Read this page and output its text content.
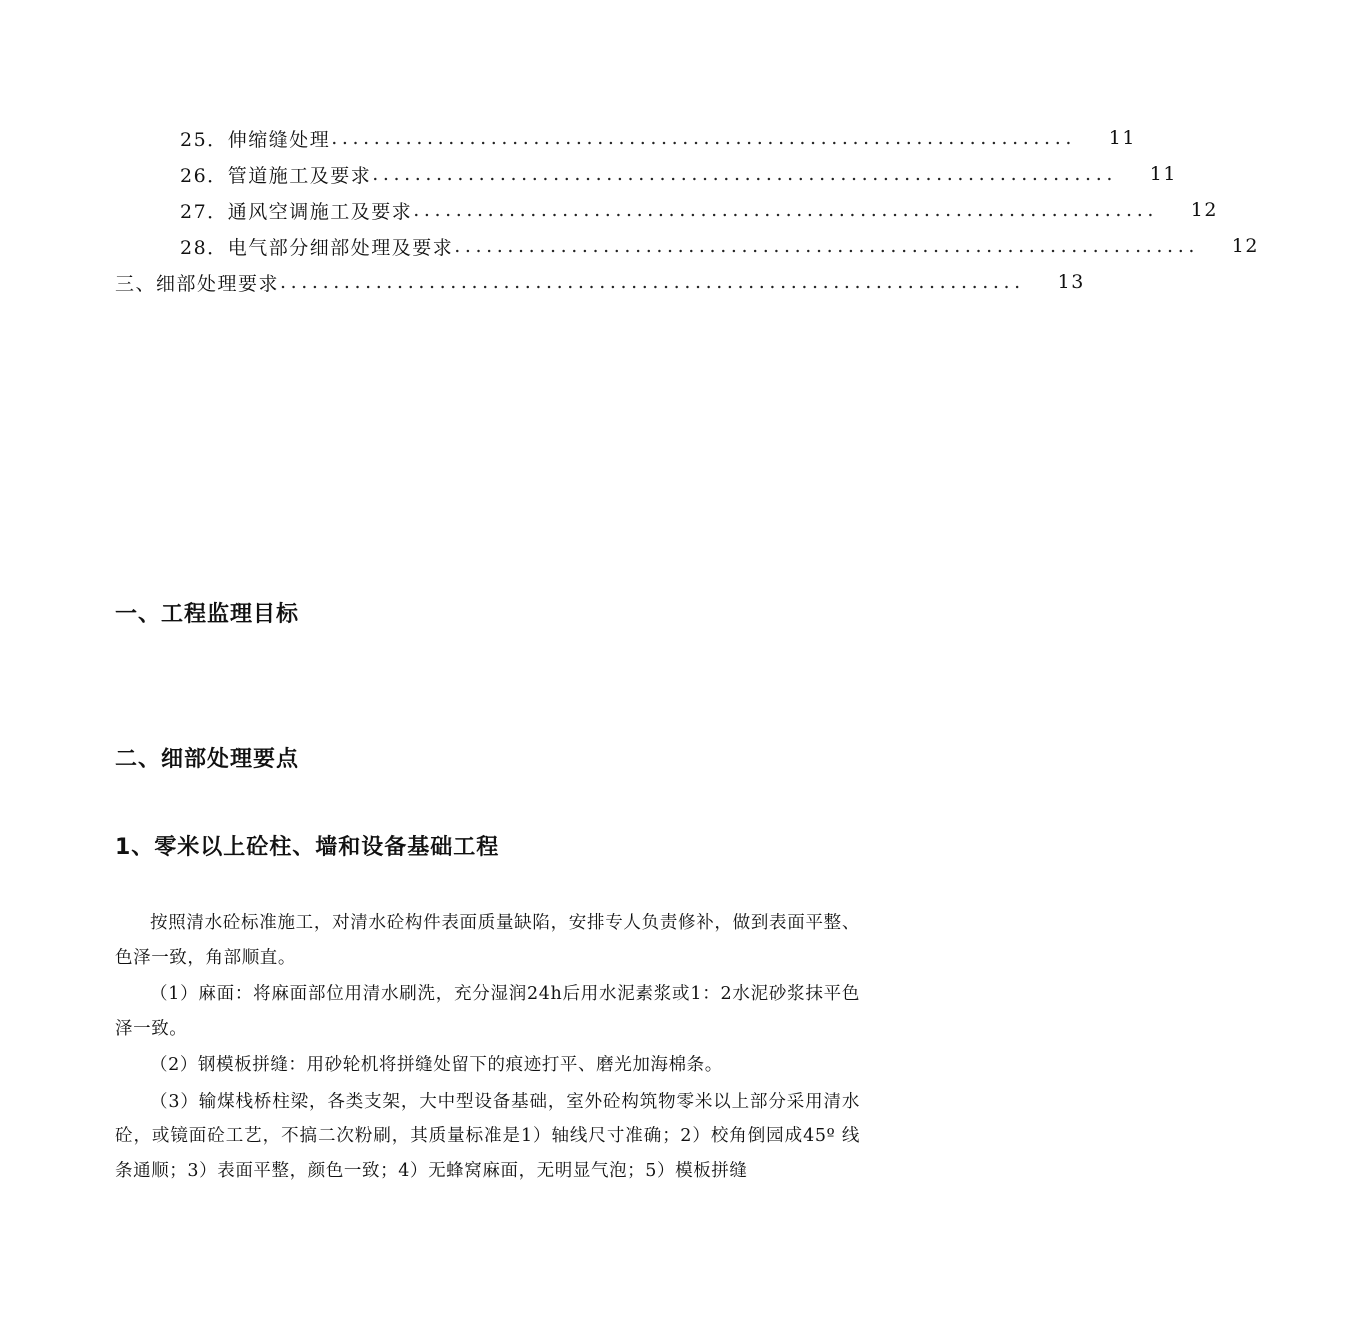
25． 伸缩缝处理 ......................................................................	11
26． 管道施工及要求 ......................................................................	11
27． 通风空调施工及要求 ......................................................................	12
28． 电气部分细部处理及要求 ......................................................................	12
三、细部处理要求 ......................................................................	13
一、工程监理目标
二、细部处理要点
1、零米以上砼柱、墙和设备基础工程

按照清水砼标准施工，对清水砼构件表面质量缺陷，安排专人负责修补，做到表面平整、色泽一致，角部顺直。

（1）麻面：将麻面部位用清水刷洗，充分湿润24h后用水泥素浆或1：2水泥砂浆抹平色泽一致。

（2）钢模板拼缝：用砂轮机将拼缝处留下的痕迹打平、磨光加海棉条。

（3）输煤栈桥柱梁，各类支架，大中型设备基础，室外砼构筑物零米以上部分采用清水砼，或镜面砼工艺，不搞二次粉刷，其质量标准是1）轴线尺寸准确；2）校角倒园成45º 线条通顺；3）表面平整，颜色一致；4）无蜂窝麻面，无明显气泡；5）模板拼缝
